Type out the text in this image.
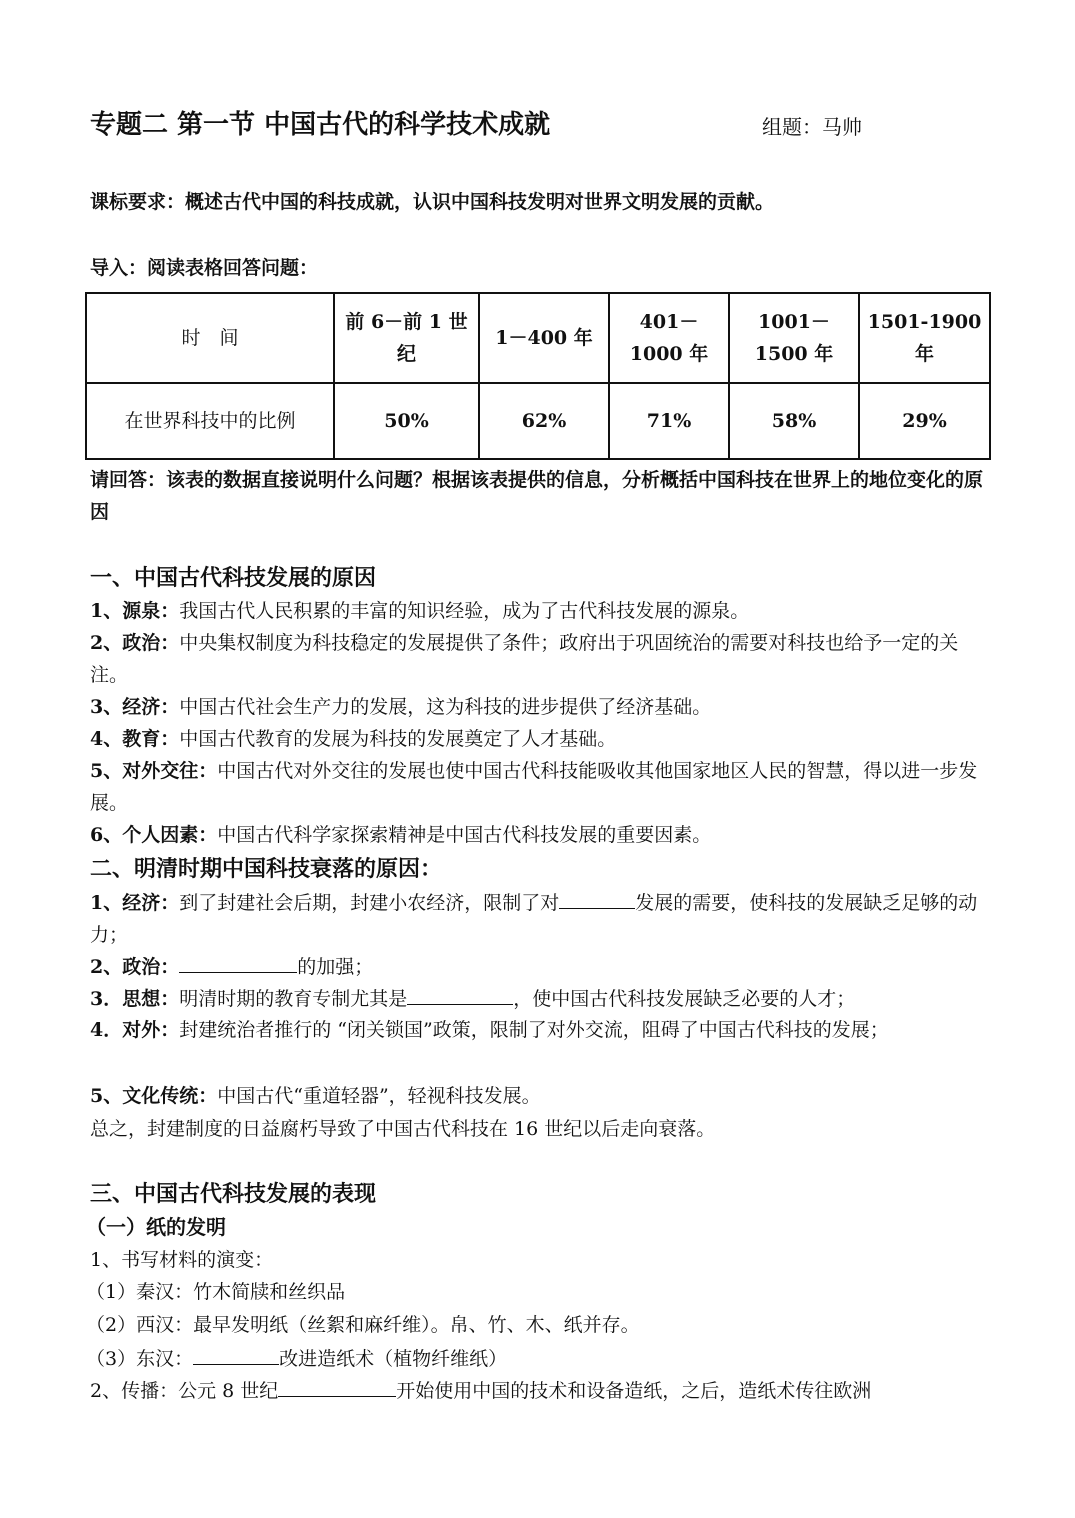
专题二 第一节 中国古代的科学技术成就	组题：马帅
课标要求：概述古代中国的科技成就，认识中国科技发明对世界文明发展的贡献。
导入：阅读表格回答问题：
时　间	前 6－前 1 世纪	1－400 年	401－1000 年	1001－1500 年	1501-1900 年
在世界科技中的比例	50%	62%	71%	58%	29%
请回答：该表的数据直接说明什么问题？根据该表提供的信息，分析概括中国科技在世界上的地位变化的原因
一、中国古代科技发展的原因
1、源泉：我国古代人民积累的丰富的知识经验，成为了古代科技发展的源泉。
2、政治：中央集权制度为科技稳定的发展提供了条件；政府出于巩固统治的需要对科技也给予一定的关注。
3、经济：中国古代社会生产力的发展，这为科技的进步提供了经济基础。
4、教育：中国古代教育的发展为科技的发展奠定了人才基础。
5、对外交往：中国古代对外交往的发展也使中国古代科技能吸收其他国家地区人民的智慧，得以进一步发展。
6、个人因素：中国古代科学家探索精神是中国古代科技发展的重要因素。
二、明清时期中国科技衰落的原因：
1、经济：到了封建社会后期，封建小农经济，限制了对	发展的需要，使科技的发展缺乏足够的动力；
2、政治：	的加强；
3．思想：明清时期的教育专制尤其是	，使中国古代科技发展缺乏必要的人才；
4．对外：封建统治者推行的 “闭关锁国”政策，限制了对外交流，阻碍了中国古代科技的发展；
5、文化传统：中国古代“重道轻器”，轻视科技发展。
总之，封建制度的日益腐朽导致了中国古代科技在 16 世纪以后走向衰落。
三、中国古代科技发展的表现
（一）纸的发明
1、书写材料的演变：
（1）秦汉：竹木简牍和丝织品
（2）西汉：最早发明纸（丝絮和麻纤维）。帛、竹、木、纸并存。
（3）东汉：	改进造纸术（植物纤维纸）
2、传播：公元 8 世纪	开始使用中国的技术和设备造纸，之后，造纸术传往欧洲
